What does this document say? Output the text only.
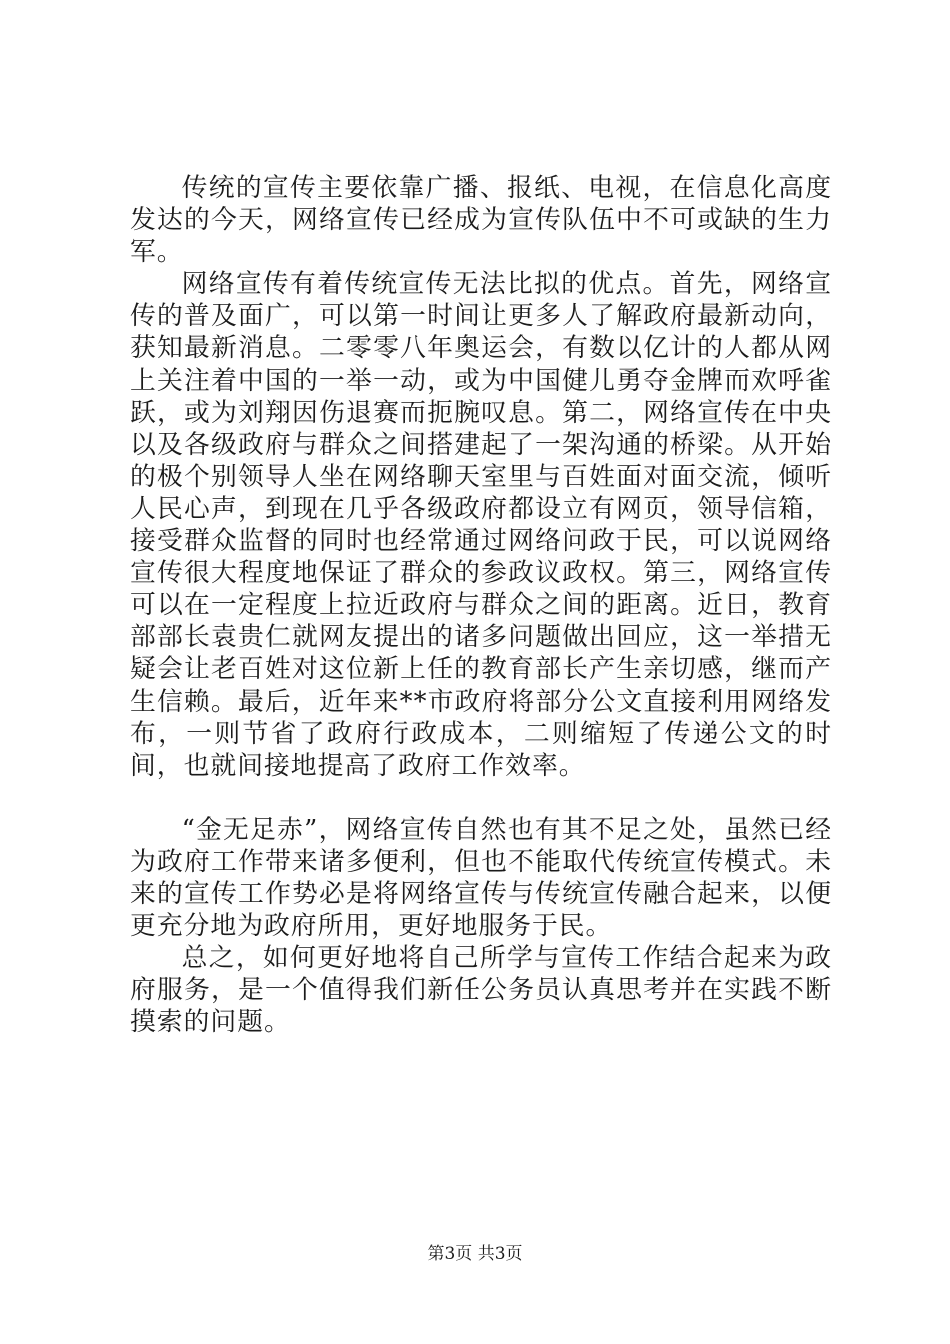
传统的宣传主要依靠广播、报纸、电视，在信息化高度发达的今天，网络宣传已经成为宣传队伍中不可或缺的生力军。

网络宣传有着传统宣传无法比拟的优点。首先，网络宣传的普及面广，可以第一时间让更多人了解政府最新动向，获知最新消息。二零零八年奥运会，有数以亿计的人都从网上关注着中国的一举一动，或为中国健儿勇夺金牌而欢呼雀跃，或为刘翔因伤退赛而扼腕叹息。第二，网络宣传在中央以及各级政府与群众之间搭建起了一架沟通的桥梁。从开始的极个别领导人坐在网络聊天室里与百姓面对面交流，倾听人民心声，到现在几乎各级政府都设立有网页，领导信箱，接受群众监督的同时也经常通过网络问政于民，可以说网络宣传很大程度地保证了群众的参政议政权。第三，网络宣传可以在一定程度上拉近政府与群众之间的距离。近日，教育部部长袁贵仁就网友提出的诸多问题做出回应，这一举措无疑会让老百姓对这位新上任的教育部长产生亲切感，继而产生信赖。最后，近年来**市政府将部分公文直接利用网络发布，一则节省了政府行政成本，二则缩短了传递公文的时间，也就间接地提高了政府工作效率。

“金无足赤”，网络宣传自然也有其不足之处，虽然已经为政府工作带来诸多便利，但也不能取代传统宣传模式。未来的宣传工作势必是将网络宣传与传统宣传融合起来，以便更充分地为政府所用，更好地服务于民。

总之，如何更好地将自己所学与宣传工作结合起来为政府服务，是一个值得我们新任公务员认真思考并在实践不断摸索的问题。

第3页 共3页
